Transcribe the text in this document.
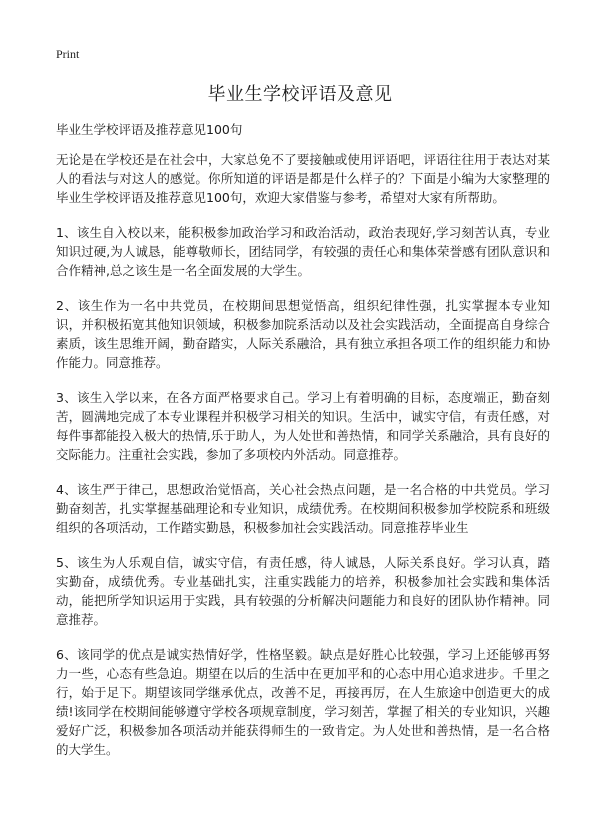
Print
毕业生学校评语及意见

毕业生学校评语及推荐意见100句

无论是在学校还是在社会中，大家总免不了要接触或使用评语吧，评语往往用于表达对某人的看法与对这人的感觉。你所知道的评语是都是什么样子的？下面是小编为大家整理的毕业生学校评语及推荐意见100句，欢迎大家借鉴与参考，希望对大家有所帮助。

1、该生自入校以来，能积极参加政治学习和政治活动，政治表现好,学习刻苦认真，专业知识过硬,为人诚恳，能尊敬师长，团结同学，有较强的责任心和集体荣誉感有团队意识和合作精神,总之该生是一名全面发展的大学生。

2、该生作为一名中共党员，在校期间思想觉悟高，组织纪律性强，扎实掌握本专业知识，并积极拓宽其他知识领域，积极参加院系活动以及社会实践活动，全面提高自身综合素质，该生思维开阔，勤奋踏实，人际关系融洽，具有独立承担各项工作的组织能力和协作能力。同意推荐。

3、该生入学以来，在各方面严格要求自己。学习上有着明确的目标，态度端正，勤奋刻苦，圆满地完成了本专业课程并积极学习相关的知识。生活中，诚实守信，有责任感，对每件事都能投入极大的热情,乐于助人，为人处世和善热情，和同学关系融洽，具有良好的交际能力。注重社会实践，参加了多项校内外活动。同意推荐。

4、该生严于律己，思想政治觉悟高，关心社会热点问题，是一名合格的中共党员。学习勤奋刻苦，扎实掌握基础理论和专业知识，成绩优秀。在校期间积极参加学校院系和班级组织的各项活动，工作踏实勤恳，积极参加社会实践活动。同意推荐毕业生

5、该生为人乐观自信，诚实守信，有责任感，待人诚恳，人际关系良好。学习认真，踏实勤奋，成绩优秀。专业基础扎实，注重实践能力的培养，积极参加社会实践和集体活动，能把所学知识运用于实践，具有较强的分析解决问题能力和良好的团队协作精神。同意推荐。

6、该同学的优点是诚实热情好学，性格坚毅。缺点是好胜心比较强，学习上还能够再努力一些，心态有些急迫。期望在以后的生活中在更加平和的心态中用心追求进步。千里之行，始于足下。期望该同学继承优点，改善不足，再接再厉，在人生旅途中创造更大的成绩!该同学在校期间能够遵守学校各项规章制度，学习刻苦，掌握了相关的专业知识，兴趣爱好广泛，积极参加各项活动并能获得师生的一致肯定。为人处世和善热情，是一名合格的大学生。
